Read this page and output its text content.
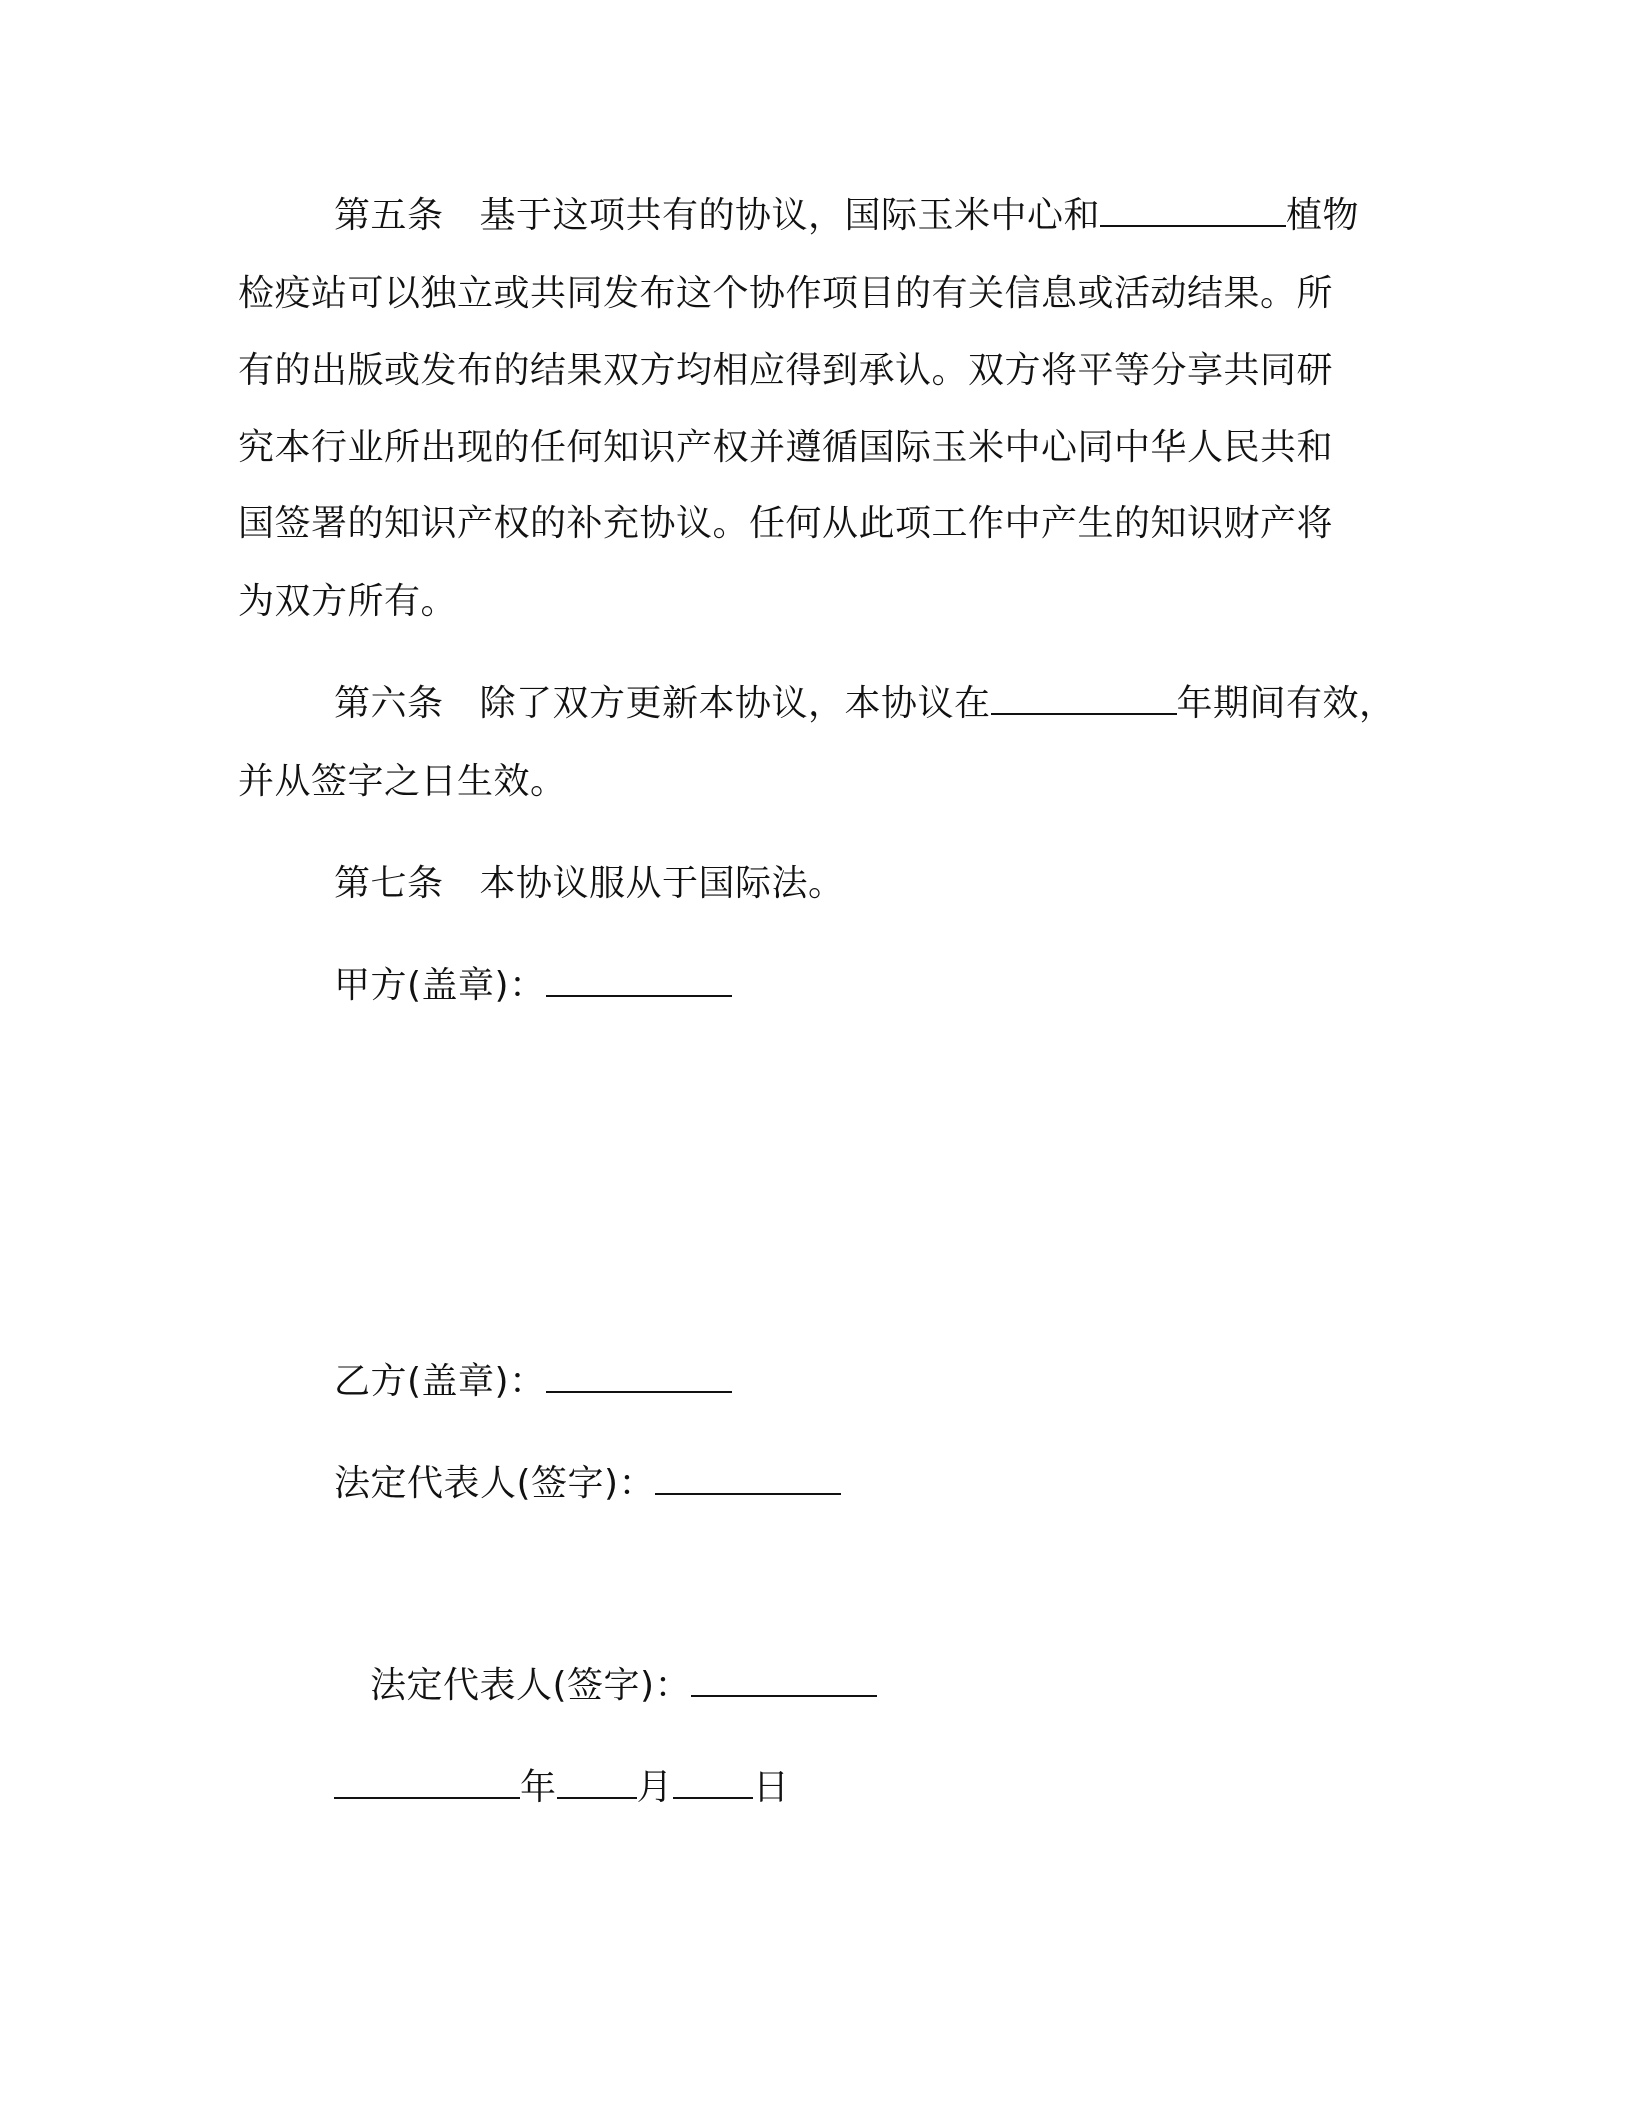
第五条 基于这项共有的协议，国际玉米中心和	植物
检疫站可以独立或共同发布这个协作项目的有关信息或活动结果。所
有的出版或发布的结果双方均相应得到承认。双方将平等分享共同研
究本行业所出现的任何知识产权并遵循国际玉米中心同中华人民共和
国签署的知识产权的补充协议。任何从此项工作中产生的知识财产将
为双方所有。
第六条 除了双方更新本协议，本协议在	年期间有效，
并从签字之日生效。
第七条 本协议服从于国际法。
甲方(盖章)：
乙方(盖章)：
法定代表人(签字)：
法定代表人(签字)：
年 月 日
